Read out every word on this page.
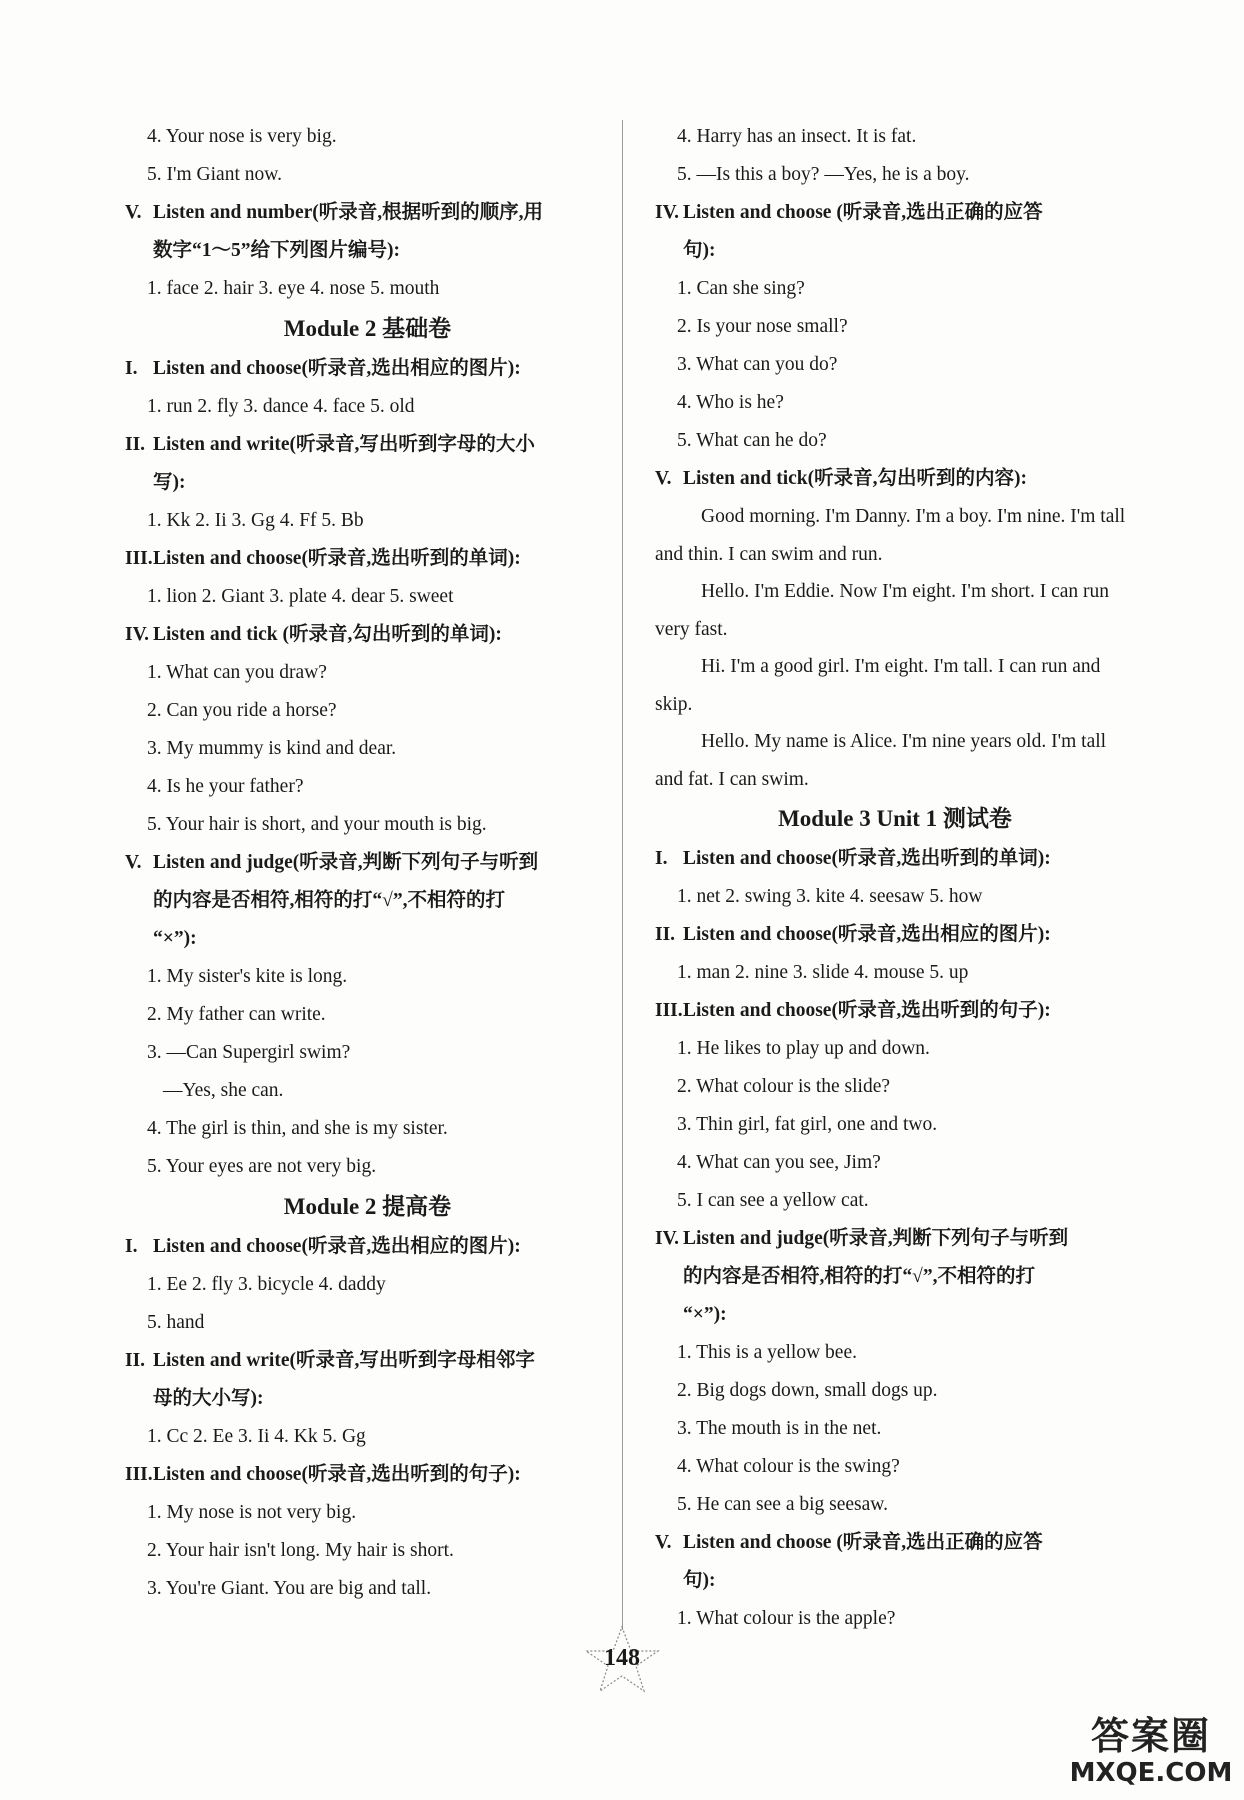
4. Your nose is very big.
5. I'm Giant now.
V. Listen and number(听录音,根据听到的顺序,用
数字“1～5”给下列图片编号):
1. face 2. hair 3. eye 4. nose 5. mouth
Module 2 基础卷
I. Listen and choose(听录音,选出相应的图片):
1. run 2. fly 3. dance 4. face 5. old
II. Listen and write(听录音,写出听到字母的大小
写):
1. Kk 2. Ii 3. Gg 4. Ff 5. Bb
III.Listen and choose(听录音,选出听到的单词):
1. lion 2. Giant 3. plate 4. dear 5. sweet
IV. Listen and tick (听录音,勾出听到的单词):
1. What can you draw?
2. Can you ride a horse?
3. My mummy is kind and dear.
4. Is he your father?
5. Your hair is short, and your mouth is big.
V. Listen and judge(听录音,判断下列句子与听到
的内容是否相符,相符的打“√”,不相符的打
“×”):
1. My sister's kite is long.
2. My father can write.
3. —Can Supergirl swim?
—Yes, she can.
4. The girl is thin, and she is my sister.
5. Your eyes are not very big.
Module 2 提高卷
I. Listen and choose(听录音,选出相应的图片):
1. Ee 2. fly 3. bicycle 4. daddy
5. hand
II. Listen and write(听录音,写出听到字母相邻字
母的大小写):
1. Cc 2. Ee 3. Ii 4. Kk 5. Gg
III.Listen and choose(听录音,选出听到的句子):
1. My nose is not very big.
2. Your hair isn't long. My hair is short.
3. You're Giant. You are big and tall.
4. Harry has an insect. It is fat.
5. —Is this a boy? —Yes, he is a boy.
IV. Listen and choose (听录音,选出正确的应答
句):
1. Can she sing?
2. Is your nose small?
3. What can you do?
4. Who is he?
5. What can he do?
V. Listen and tick(听录音,勾出听到的内容):
Good morning. I'm Danny. I'm a boy. I'm nine. I'm tall and thin. I can swim and run.
Hello. I'm Eddie. Now I'm eight. I'm short. I can run very fast.
Hi. I'm a good girl. I'm eight. I'm tall. I can run and skip.
Hello. My name is Alice. I'm nine years old. I'm tall and fat. I can swim.
Module 3 Unit 1 测试卷
I. Listen and choose(听录音,选出听到的单词):
1. net 2. swing 3. kite 4. seesaw 5. how
II. Listen and choose(听录音,选出相应的图片):
1. man 2. nine 3. slide 4. mouse 5. up
III.Listen and choose(听录音,选出听到的句子):
1. He likes to play up and down.
2. What colour is the slide?
3. Thin girl, fat girl, one and two.
4. What can you see, Jim?
5. I can see a yellow cat.
IV. Listen and judge(听录音,判断下列句子与听到
的内容是否相符,相符的打“√”,不相符的打
“×”):
1. This is a yellow bee.
2. Big dogs down, small dogs up.
3. The mouth is in the net.
4. What colour is the swing?
5. He can see a big seesaw.
V. Listen and choose (听录音,选出正确的应答
句):
1. What colour is the apple?
148
答案圈
MXQE.COM
